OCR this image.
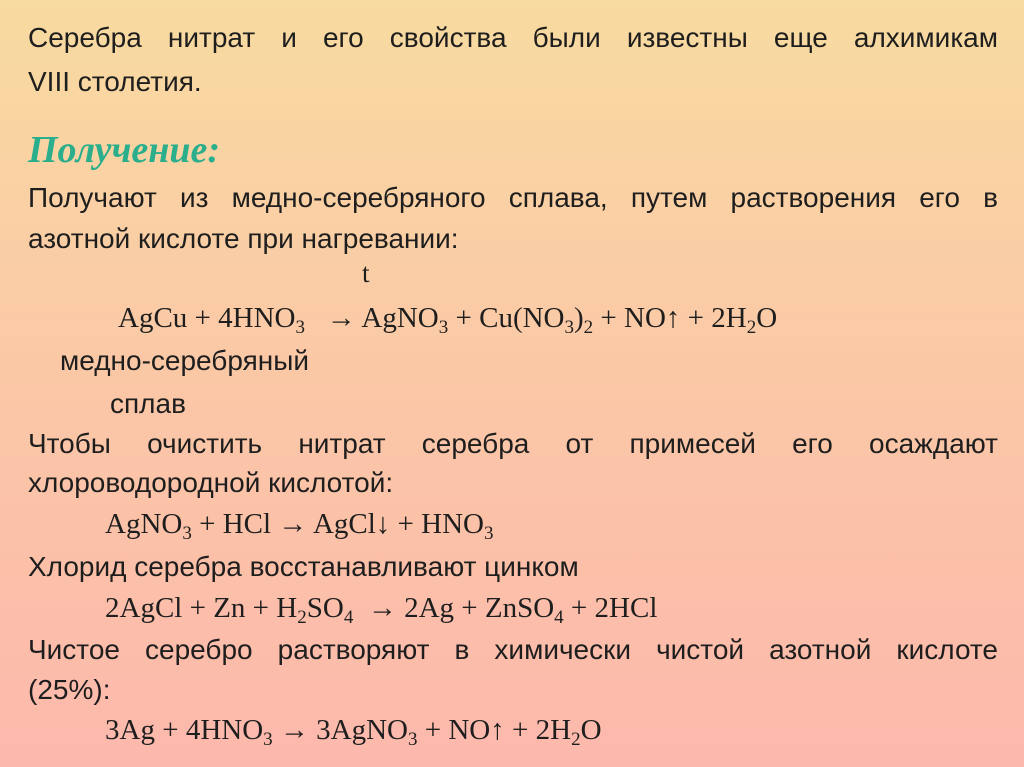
Серебра нитрат и его свойства были известны еще алхимикам
VIII столетия.
Получение:
Получают из медно-серебряного сплава, путем растворения его в
азотной кислоте при нагревании:
t
AgCu + $4HNO_3$ → AgNO$_3$ + $Cu(NO_3)_2$ + NO↑ + $2H_2O$
медно-серебряный
сплав
Чтобы очистить нитрат серебра от примесей его осаждают
хлороводородной кислотой:
AgNO$_3$ + HCl → AgCl↓ + $HNO_3$
Хлорид серебра восстанавливают цинком
2AgCl + $Zn + H_2SO_4 \to 2Ag$ + ZnSO$_4$ + 2HCl
Чистое серебро растворяют в химически чистой азотной кислоте
(25%):
$3Ag + 4HNO_3$ → 3AgNO$_3$ + NO↑ + $2H_2O$
